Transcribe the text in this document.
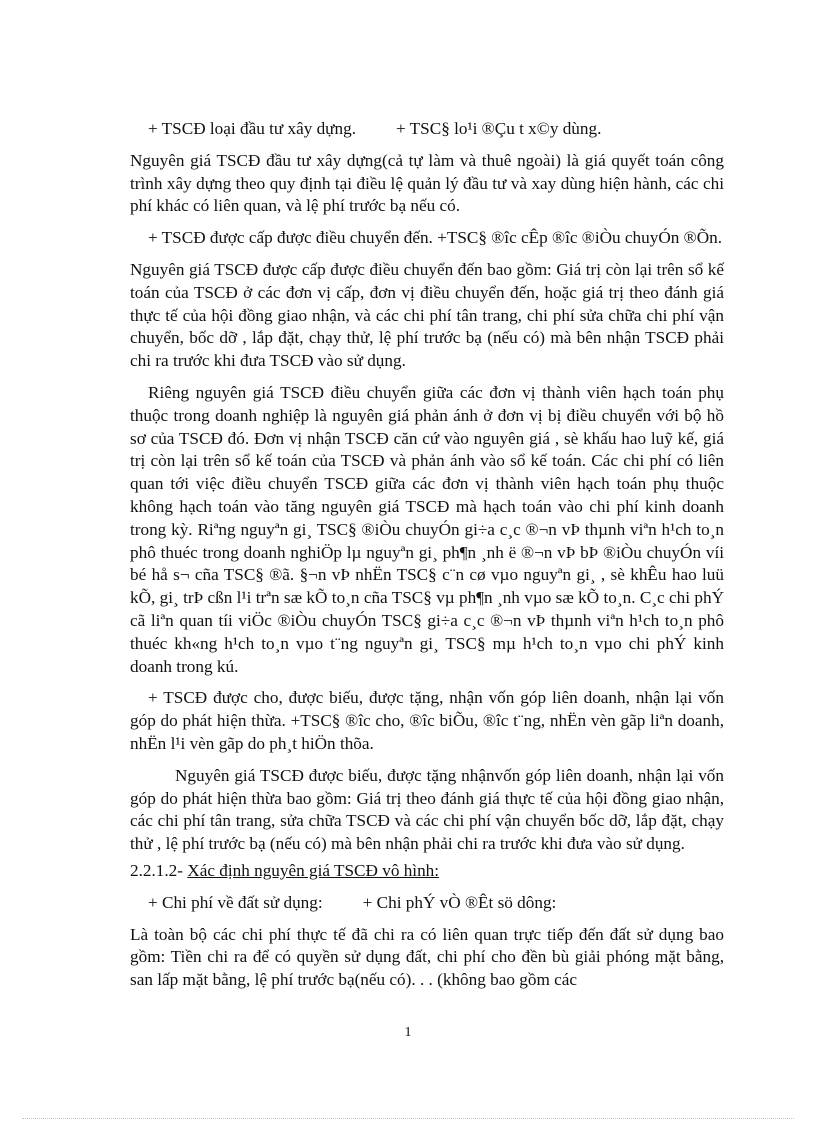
+ TSCĐ loại đầu tư xây dựng. + TSC§ lo¹i ®Çu t x©y dùng.

Nguyên giá TSCĐ đầu tư xây dựng(cả tự làm và thuê ngoài) là giá quyết toán công trình xây dựng theo quy định tại điều lệ quản lý đầu tư và xay dùng hiện hành, các chi phí khác có liên quan, và lệ phí trước bạ nếu có.

+ TSCĐ được cấp được điều chuyển đến. +TSC§ ®îc cÊp ®îc ®iÒu chuyÓn ®Õn.

Nguyên giá TSCĐ được cấp được điều chuyển đến bao gồm: Giá trị còn lại trên sổ kế toán của TSCĐ ở các đơn vị cấp, đơn vị điều chuyển đến, hoặc giá trị theo đánh giá thực tế của hội đồng giao nhận, và các chi phí tân trang, chi phí sửa chữa chi phí vận chuyển, bốc dỡ , lắp đặt, chạy thử, lệ phí trước bạ (nếu có) mà bên nhận TSCĐ phải chi ra trước khi đưa TSCĐ vào sử dụng.

Riêng nguyên giá TSCĐ điều chuyển giữa các đơn vị thành viên hạch toán phụ thuộc trong doanh nghiệp là nguyên giá phản ánh ở đơn vị bị điều chuyển với bộ hồ sơ của TSCĐ đó. Đơn vị nhận TSCĐ căn cứ vào nguyên giá , sè khấu hao luỹ kế, giá trị còn lại trên sổ kế toán của TSCĐ và phản ánh vào sổ kế toán. Các chi phí có liên quan tới việc điều chuyển TSCĐ giữa các đơn vị thành viên hạch toán phụ thuộc không hạch toán vào tăng nguyên giá TSCĐ mà hạch toán vào chi phí kinh doanh trong kỳ. Riªng nguyªn gi¸ TSC§ ®iÒu chuyÓn gi÷a c¸c ®¬n vÞ thµnh viªn h¹ch to¸n phô thuéc trong doanh nghiÖp lµ nguyªn gi¸ ph¶n ¸nh ë ®¬n vÞ bÞ ®iÒu chuyÓn víi bé hå s¬ cña TSC§ ®ã. §¬n vÞ nhËn TSC§ c¨n cø vµo nguyªn gi¸ , sè khÊu hao luü kÕ, gi¸ trÞ cßn l¹i trªn sæ kÕ to¸n cña TSC§ vµ ph¶n ¸nh vµo sæ kÕ to¸n. C¸c chi phÝ cã liªn quan tíi viÖc ®iÒu chuyÓn TSC§ gi÷a c¸c ®¬n vÞ thµnh viªn h¹ch to¸n phô thuéc kh«ng h¹ch to¸n vµo t¨ng nguyªn gi¸ TSC§ mµ h¹ch to¸n vµo chi phÝ kinh doanh trong kú.

+ TSCĐ được cho, được biếu, được tặng, nhận vốn góp liên doanh, nhận lại vốn góp do phát hiện thừa. +TSC§ ®îc cho, ®îc biÕu, ®îc t¨ng, nhËn vèn gãp liªn doanh, nhËn l¹i vèn gãp do ph¸t hiÖn thõa.

Nguyên giá TSCĐ được biếu, được tặng nhậnvốn góp liên doanh, nhận lại vốn góp do phát hiện thừa bao gồm: Giá trị theo đánh giá thực tế của hội đồng giao nhận, các chi phí tân trang, sửa chữa TSCĐ và các chi phí vận chuyển bốc dỡ, lắp đặt, chạy thử , lệ phí trước bạ (nếu có) mà bên nhận phải chi ra trước khi đưa vào sử dụng.

2.2.1.2- Xác định nguyên giá TSCĐ vô hình:

+ Chi phí về đất sử dụng: + Chi phÝ vÒ ®Êt sö dông:

Là toàn bộ các chi phí thực tế đã chi ra có liên quan trực tiếp đến đất sử dụng bao gồm: Tiền chi ra để có quyền sử dụng đất, chi phí cho đền bù giải phóng mặt bằng, san lấp mặt bằng, lệ phí trước bạ(nếu có). . . (không bao gồm các

1
